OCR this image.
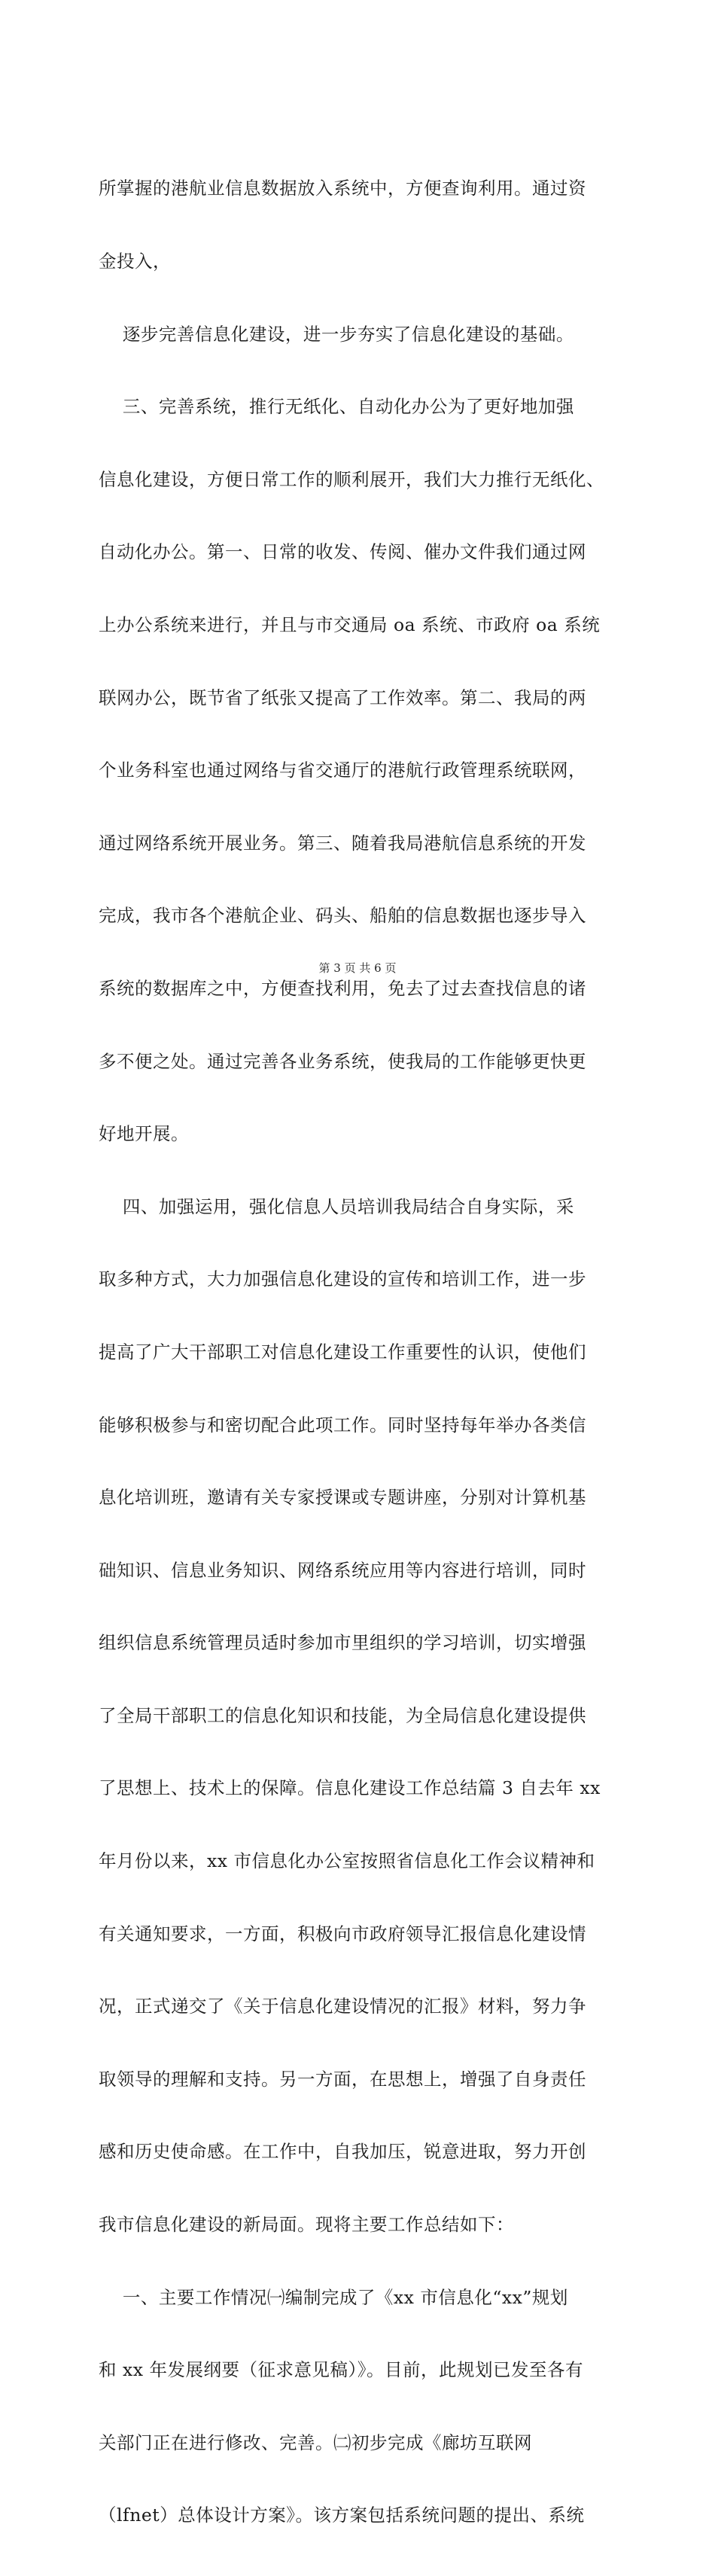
所掌握的港航业信息数据放入系统中，方便查询利用。通过资

金投入，

逐步完善信息化建设，进一步夯实了信息化建设的基础。

三、完善系统，推行无纸化、自动化办公为了更好地加强

信息化建设，方便日常工作的顺利展开，我们大力推行无纸化、

自动化办公。第一、日常的收发、传阅、催办文件我们通过网

上办公系统来进行，并且与市交通局 oa 系统、市政府 oa 系统

联网办公，既节省了纸张又提高了工作效率。第二、我局的两

个业务科室也通过网络与省交通厅的港航行政管理系统联网，

通过网络系统开展业务。第三、随着我局港航信息系统的开发

完成，我市各个港航企业、码头、船舶的信息数据也逐步导入

系统的数据库之中，方便查找利用，免去了过去查找信息的诸

多不便之处。通过完善各业务系统，使我局的工作能够更快更

好地开展。

四、加强运用，强化信息人员培训我局结合自身实际，采

取多种方式，大力加强信息化建设的宣传和培训工作，进一步

提高了广大干部职工对信息化建设工作重要性的认识，使他们

能够积极参与和密切配合此项工作。同时坚持每年举办各类信

息化培训班，邀请有关专家授课或专题讲座，分别对计算机基

础知识、信息业务知识、网络系统应用等内容进行培训，同时

组织信息系统管理员适时参加市里组织的学习培训，切实增强

了全局干部职工的信息化知识和技能，为全局信息化建设提供

了思想上、技术上的保障。信息化建设工作总结篇 3 自去年 xx

年月份以来，xx 市信息化办公室按照省信息化工作会议精神和

有关通知要求，一方面，积极向市政府领导汇报信息化建设情

况，正式递交了《关于信息化建设情况的汇报》材料，努力争

取领导的理解和支持。另一方面，在思想上，增强了自身责任

感和历史使命感。在工作中，自我加压，锐意进取，努力开创

我市信息化建设的新局面。现将主要工作总结如下：

一、主要工作情况㈠编制完成了《xx 市信息化“xx”规划

和 xx 年发展纲要（征求意见稿）》。目前，此规划已发至各有

关部门正在进行修改、完善。㈡初步完成《廊坊互联网

（lfnet）总体设计方案》。该方案包括系统问题的提出、系统

第 3 页 共 6 页
